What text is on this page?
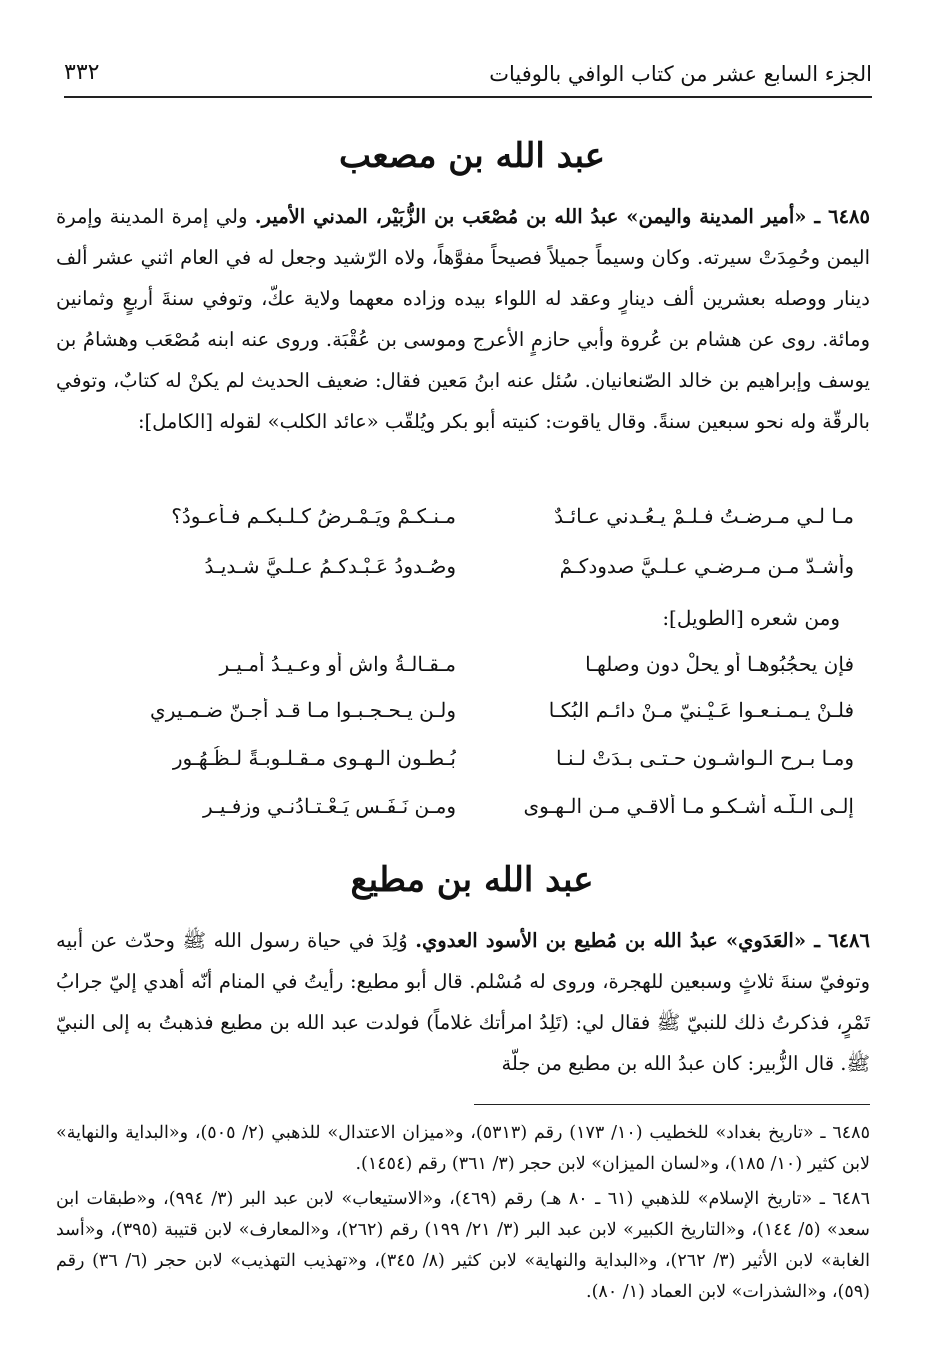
الجزء السابع عشر من كتاب الوافي بالوفيات
٣٣٢
عبد الله بن مصعب
٦٤٨٥ ـ «أمير المدينة واليمن» عبدُ الله بن مُصْعَب بن الزُّبَيْر، المدني الأمير. ولي إمرة المدينة وإمرة اليمن وحُمِدَتْ سيرته. وكان وسيماً جميلاً فصيحاً مفوَّهاً، ولاه الرّشيد وجعل له في العام اثني عشر ألف دينار ووصله بعشرين ألف دينارٍ وعقد له اللواء بيده وزاده معهما ولاية عكّ، وتوفي سنةَ أربعٍ وثمانين ومائة. روى عن هشام بن عُروة وأبي حازمٍ الأعرج وموسى بن عُقْبَة. وروى عنه ابنه مُصْعَب وهشامُ بن يوسف وإبراهيم بن خالد الصّنعانيان. سُئل عنه ابنُ مَعين فقال: ضعيف الحديث لم يكنْ له كتابٌ، وتوفي بالرقّة وله نحو سبعين سنةً. وقال ياقوت: كنيته أبو بكر ويُلقّب «عائد الكلب» لقوله [الكامل]:
مـا لـي مـرضـتُ فـلـمْ يـعُـدني عـائـدٌ
مـنـكـمْ ويَـمْـرضُ كـلـبكـم فـأعـودُ؟
وأشـدّ مـن مـرضـي عـلـيَّ صدودكـمْ
وصُـدودُ عَـبْـدكـمُ عـلـيَّ شـديـدُ
ومن شعره [الطويل]:
فإن يحجُبُوهـا أو يحلْ دون وصلهـا
مـقـالـةُ واشٍ أو وعـيـدُ أمـيـرِ
فلـنْ يـمـنـعـوا عَـيْـنيّ مـنْ دائـم البُكـا
ولـن يـحـجـبـوا مـا قـد أجـنّ ضـمـيري
ومـا بـرح الـواشـون حـتـى بـدَتْ لـنـا
بُـطـون الـهـوى مـقـلـوبـةً لـظُـهُـور
إلـى الـلّـه أشـكـو مـا أُلاقـي مـن الـهـوى
ومـن نَـفَـسٍ يَـعْـتـادُنـي وزفـيـرِ
عبد الله بن مطيع
٦٤٨٦ ـ «العَدَوي» عبدُ الله بن مُطيع بن الأسود العدوي. وُلِدَ في حياة رسول الله ﷺ وحدّث عن أبيه وتوفيّ سنةَ ثلاثٍ وسبعين للهجرة، وروى له مُسْلم. قال أبو مطيع: رأيتُ في المنام أنّه أهدي إليّ جرابُ تَمْرٍ، فذكرتُ ذلك للنبيّ ﷺ فقال لي: (تَلِدُ امرأتك غلاماً) فولدت عبد الله بن مطيع فذهبتُ به إلى النبيّ ﷺ. قال الزُّبير: كان عبدُ الله بن مطيع من جلّة
٦٤٨٥ ـ «تاريخ بغداد» للخطيب (١٠/ ١٧٣) رقم (٥٣١٣)، و«ميزان الاعتدال» للذهبي (٢/ ٥٠٥)، و«البداية والنهاية» لابن كثير (١٠/ ١٨٥)، و«لسان الميزان» لابن حجر (٣/ ٣٦١) رقم (١٤٥٤).
٦٤٨٦ ـ «تاريخ الإسلام» للذهبي (٦١ ـ ٨٠ هـ) رقم (٤٦٩)، و«الاستيعاب» لابن عبد البر (٣/ ٩٩٤)، و«طبقات ابن سعد» (٥/ ١٤٤)، و«التاريخ الكبير» لابن عبد البر (٣/ ٢١/ ١٩٩) رقم (٢٦٢)، و«المعارف» لابن قتيبة (٣٩٥)، و«أسد الغابة» لابن الأثير (٣/ ٢٦٢)، و«البداية والنهاية» لابن كثير (٨/ ٣٤٥)، و«تهذيب التهذيب» لابن حجر (٦/ ٣٦) رقم (٥٩)، و«الشذرات» لابن العماد (١/ ٨٠).
